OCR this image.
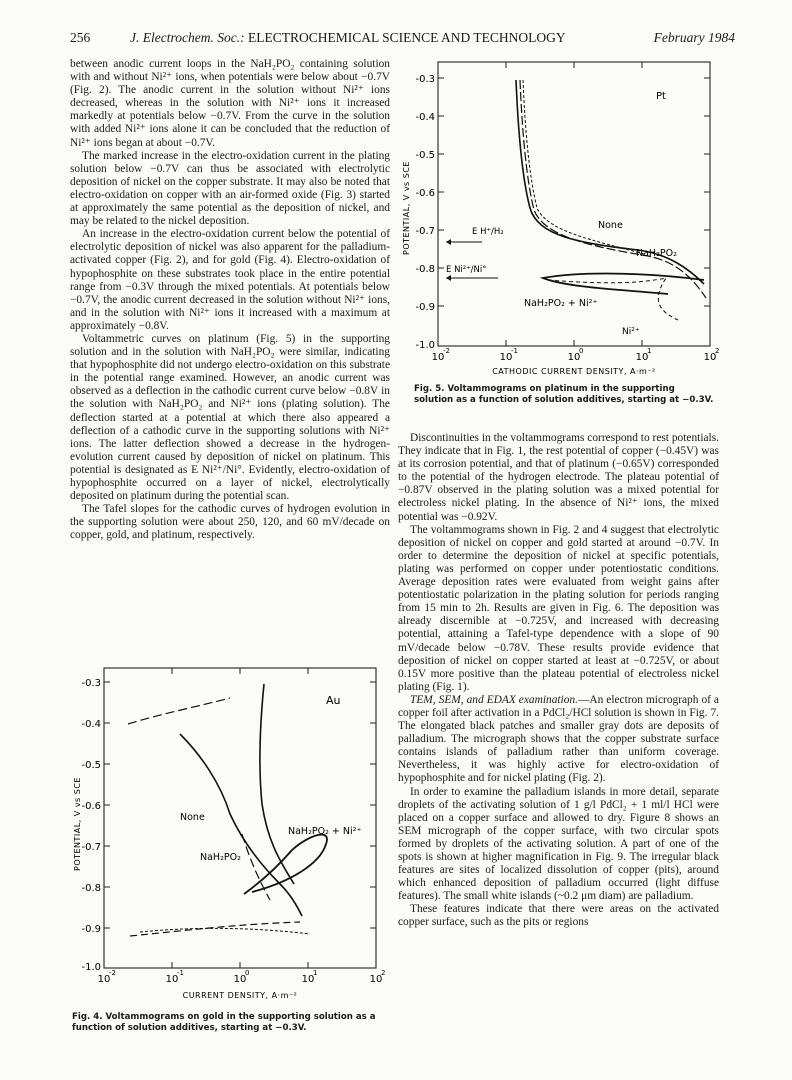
256	J. Electrochem. Soc.: ELECTROCHEMICAL SCIENCE AND TECHNOLOGY	February 1984

between anodic current loops in the NaH₂PO₂ containing solution with and without Ni²⁺ ions, when potentials were below about −0.7V (Fig. 2). The anodic current in the solution without Ni²⁺ ions decreased, whereas in the solution with Ni²⁺ ions it increased markedly at potentials below −0.7V. From the curve in the solution with added Ni²⁺ ions alone it can be concluded that the reduction of Ni²⁺ ions began at about −0.7V.

The marked increase in the electro-oxidation current in the plating solution below −0.7V can thus be associated with electrolytic deposition of nickel on the copper substrate. It may also be noted that electro-oxidation on copper with an air-formed oxide (Fig. 3) started at approximately the same potential as the deposition of nickel, and may be related to the nickel deposition.

An increase in the electro-oxidation current below the potential of electrolytic deposition of nickel was also apparent for the palladium-activated copper (Fig. 2), and for gold (Fig. 4). Electro-oxidation of hypophosphite on these substrates took place in the entire potential range from −0.3V through the mixed potentials. At potentials below −0.7V, the anodic current decreased in the solution without Ni²⁺ ions, and in the solution with Ni²⁺ ions it increased with a maximum at approximately −0.8V.

Voltammetric curves on platinum (Fig. 5) in the supporting solution and in the solution with NaH₂PO₂ were similar, indicating that hypophosphite did not undergo electro-oxidation on this substrate in the potential range examined. However, an anodic current was observed as a deflection in the cathodic current curve below −0.8V in the solution with NaH₂PO₂ and Ni²⁺ ions (plating solution). The deflection started at a potential at which there also appeared a deflection of a cathodic curve in the supporting solutions with Ni²⁺ ions. The latter deflection showed a decrease in the hydrogen-evolution current caused by deposition of nickel on platinum. This potential is designated as E Ni²⁺/Ni°. Evidently, electro-oxidation of hypophosphite occurred on a layer of nickel, electrolytically deposited on platinum during the potential scan.

The Tafel slopes for the cathodic curves of hydrogen evolution in the supporting solution were about 250, 120, and 60 mV/decade on copper, gold, and platinum, respectively.

-0.3
-0.4
-0.5
-0.6
-0.7
-0.8
-0.9
-1.0
10	10	10	10	10
-2	-1	0	1	2
CATHODIC CURRENT DENSITY, A·m⁻²
POTENTIAL, V vs SCE
Pt
E H⁺/H₂
E Ni²⁺/Ni°
None
NaH₂PO₂
NaH₂PO₂ + Ni²⁺
Ni²⁺
Fig. 5. Voltammograms on platinum in the supporting solution as a function of solution additives, starting at −0.3V.
-0.3
-0.4
-0.5
-0.6
-0.7
-0.8
-0.9
-1.0
10	10	10	10	10
-2	-1	0	1	2
CURRENT DENSITY, A·m⁻²
POTENTIAL, V vs SCE
Au
None
NaH₂PO₂
NaH₂PO₂ + Ni²⁺
Fig. 4. Voltammograms on gold in the supporting solution as a function of solution additives, starting at −0.3V.

Discontinuities in the voltammograms correspond to rest potentials. They indicate that in Fig. 1, the rest potential of copper (−0.45V) was at its corrosion potential, and that of platinum (−0.65V) corresponded to the potential of the hydrogen electrode. The plateau potential of −0.87V observed in the plating solution was a mixed potential for electroless nickel plating. In the absence of Ni²⁺ ions, the mixed potential was −0.92V.

The voltammograms shown in Fig. 2 and 4 suggest that electrolytic deposition of nickel on copper and gold started at around −0.7V. In order to determine the deposition of nickel at specific potentials, plating was performed on copper under potentiostatic conditions. Average deposition rates were evaluated from weight gains after potentiostatic polarization in the plating solution for periods ranging from 15 min to 2h. Results are given in Fig. 6. The deposition was already discernible at −0.725V, and increased with decreasing potential, attaining a Tafel-type dependence with a slope of 90 mV/decade below −0.78V. These results provide evidence that deposition of nickel on copper started at least at −0.725V, or about 0.15V more positive than the plateau potential of electroless nickel plating (Fig. 1).

TEM, SEM, and EDAX examination.—An electron micrograph of a copper foil after activation in a PdCl₂/HCl solution is shown in Fig. 7. The elongated black patches and smaller gray dots are deposits of palladium. The micrograph shows that the copper substrate surface contains islands of palladium rather than uniform coverage. Nevertheless, it was highly active for electro-oxidation of hypophosphite and for nickel plating (Fig. 2).

In order to examine the palladium islands in more detail, separate droplets of the activating solution of 1 g/l PdCl₂ + 1 ml/l HCl were placed on a copper surface and allowed to dry. Figure 8 shows an SEM micrograph of the copper surface, with two circular spots formed by droplets of the activating solution. A part of one of the spots is shown at higher magnification in Fig. 9. The irregular black features are sites of localized dissolution of copper (pits), around which enhanced deposition of palladium occurred (light diffuse features). The small white islands (~0.2 μm diam) are palladium.

These features indicate that there were areas on the activated copper surface, such as the pits or regions
